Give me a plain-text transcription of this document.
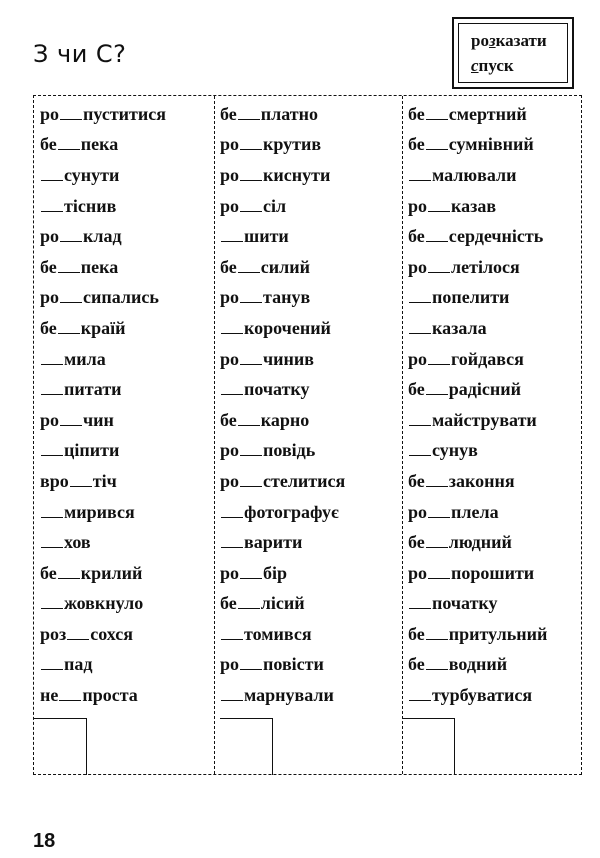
З чи С?	розказати
спуск
ро пуститися
бе пека
сунути
тіснив
ро клад
бе пека
ро сипались
бе країй
мила
питати
ро чин
ціпити
вро тіч
мирився
хов
бе крилий
жовкнуло
роз сохся
пад
не проста
бе платно
ро крутив
ро киснути
ро сіл
шити
бе силий
ро танув
корочений
ро чинив
початку
бе карно
ро повідь
ро стелитися
фотографує
варити
ро бір
бе лісий
томився
ро повісти
марнували
бе смертний
бе сумнівний
малювали
ро казав
бе сердечність
ро летілося
попелити
казала
ро гойдався
бе радісний
майструвати
сунув
бе законня
ро плела
бе людний
ро порошити
початку
бе притульний
бе водний
турбуватися
18
